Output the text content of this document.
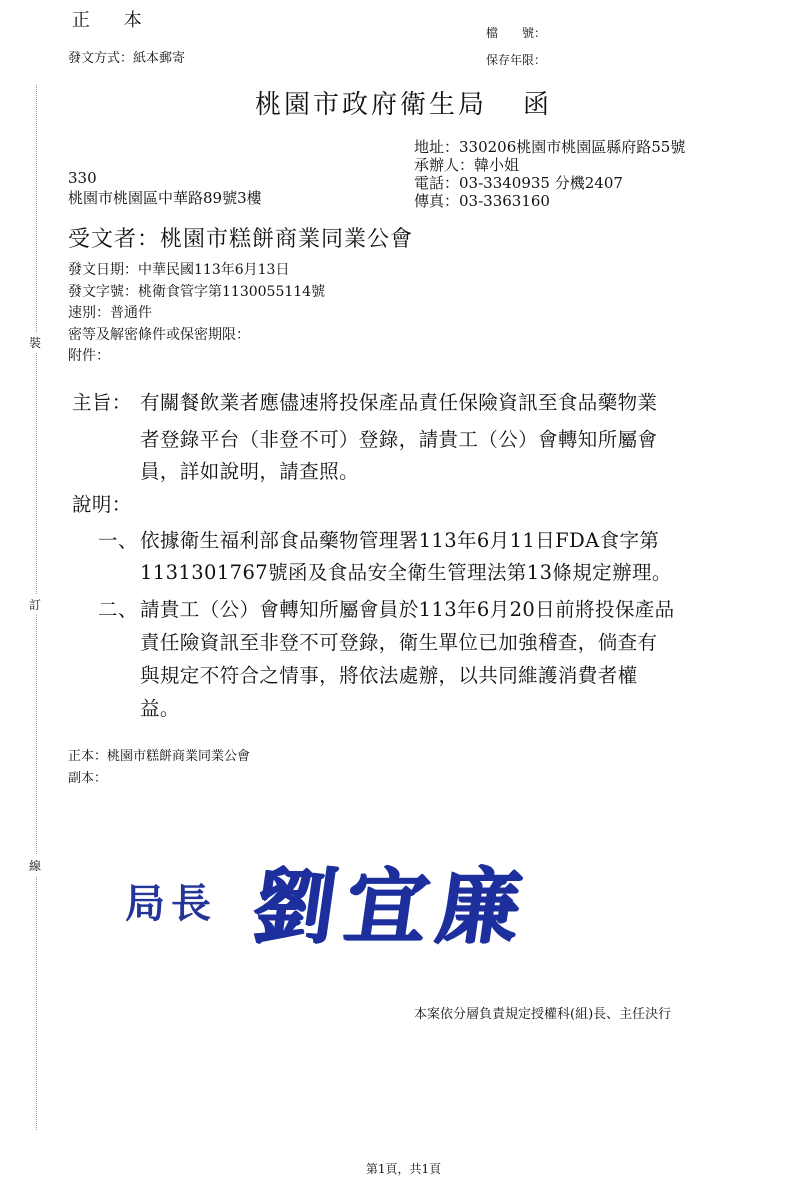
正 本
檔　　號：
保存年限：
發文方式：紙本郵寄
桃園市政府衛生局 函
地址：330206桃園市桃園區縣府路55號
承辦人：韓小姐
電話：03-3340935 分機2407
傳真：03-3363160
330
桃園市桃園區中華路89號3樓
受文者：桃園市糕餅商業同業公會
發文日期：中華民國113年6月13日
發文字號：桃衛食管字第1130055114號
速別：普通件
密等及解密條件或保密期限：
附件：
裝
訂
線
主旨： 有關餐飲業者應儘速將投保產品責任保險資訊至食品藥物業
者登錄平台（非登不可）登錄，請貴工（公）會轉知所屬會
員，詳如說明，請查照。
說明：
一、 依據衛生福利部食品藥物管理署113年6月11日FDA食字第
1131301767號函及食品安全衛生管理法第13條規定辦理。
二、 請貴工（公）會轉知所屬會員於113年6月20日前將投保產品
責任險資訊至非登不可登錄，衛生單位已加強稽查，倘查有
與規定不符合之情事，將依法處辦，以共同維護消費者權
益。
正本：桃園市糕餅商業同業公會
副本：
局長 劉宜廉
本案依分層負責規定授權科(組)長、主任決行
第1頁，共1頁
